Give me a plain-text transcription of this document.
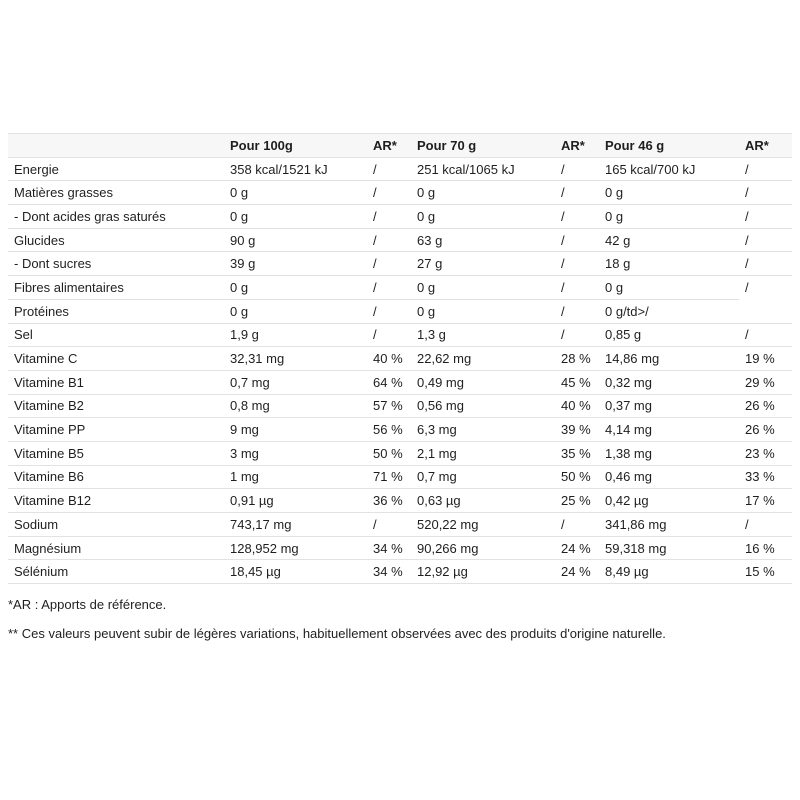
	Pour 100g	AR*	Pour 70 g	AR*	Pour 46 g	AR*
Energie	358 kcal/1521 kJ	/	251 kcal/1065 kJ	/	165 kcal/700 kJ	/
Matières grasses	0 g	/	0 g	/	0 g	/
- Dont acides gras saturés	0 g	/	0 g	/	0 g	/
Glucides	90 g	/	63 g	/	42 g	/
- Dont sucres	39 g	/	27 g	/	18 g	/
Fibres alimentaires	0 g	/	0 g	/	0 g	/
Protéines	0 g	/	0 g	/	0 g/td>/	
Sel	1,9 g	/	1,3 g	/	0,85 g	/
Vitamine C	32,31 mg	40 %	22,62 mg	28 %	14,86 mg	19 %
Vitamine B1	0,7 mg	64 %	0,49 mg	45 %	0,32 mg	29 %
Vitamine B2	0,8 mg	57 %	0,56 mg	40 %	0,37 mg	26 %
Vitamine PP	9 mg	56 %	6,3 mg	39 %	4,14 mg	26 %
Vitamine B5	3 mg	50 %	2,1 mg	35 %	1,38 mg	23 %
Vitamine B6	1 mg	71 %	0,7 mg	50 %	0,46 mg	33 %
Vitamine B12	0,91 µg	36 %	0,63 µg	25 %	0,42 µg	17 %
Sodium	743,17 mg	/	520,22 mg	/	341,86 mg	/
Magnésium	128,952 mg	34 %	90,266 mg	24 %	59,318 mg	16 %
Sélénium	18,45 µg	34 %	12,92 µg	24 %	8,49 µg	15 %

*AR : Apports de référence.

** Ces valeurs peuvent subir de légères variations, habituellement observées avec des produits d'origine naturelle.
